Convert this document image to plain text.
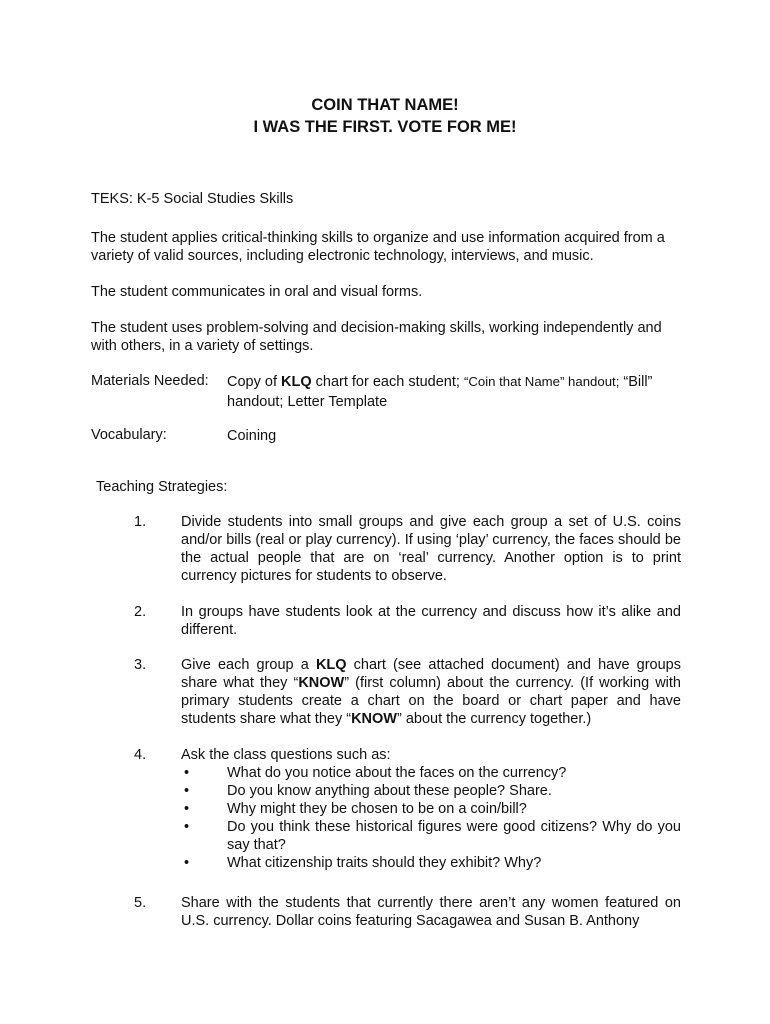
COIN THAT NAME!
I WAS THE FIRST. VOTE FOR ME!
TEKS: K-5 Social Studies Skills
The student applies critical-thinking skills to organize and use information acquired from a variety of valid sources, including electronic technology, interviews, and music.
The student communicates in oral and visual forms.
The student uses problem-solving and decision-making skills, working independently and with others, in a variety of settings.
Materials Needed: Copy of KLQ chart for each student; “Coin that Name” handout; “Bill” handout; Letter Template
Vocabulary:	Coining
Teaching Strategies:
1. Divide students into small groups and give each group a set of U.S. coins and/or bills (real or play currency). If using ‘play’ currency, the faces should be the actual people that are on ‘real’ currency. Another option is to print currency pictures for students to observe.
2. In groups have students look at the currency and discuss how it’s alike and different.
3. Give each group a KLQ chart (see attached document) and have groups share what they “KNOW” (first column) about the currency. (If working with primary students create a chart on the board or chart paper and have students share what they “KNOW” about the currency together.)
4. Ask the class questions such as:
•	What do you notice about the faces on the currency?
•	Do you know anything about these people? Share.
•	Why might they be chosen to be on a coin/bill?
•	Do you think these historical figures were good citizens? Why do you say that?
•	What citizenship traits should they exhibit? Why?
5. Share with the students that currently there aren’t any women featured on U.S. currency. Dollar coins featuring Sacagawea and Susan B. Anthony
